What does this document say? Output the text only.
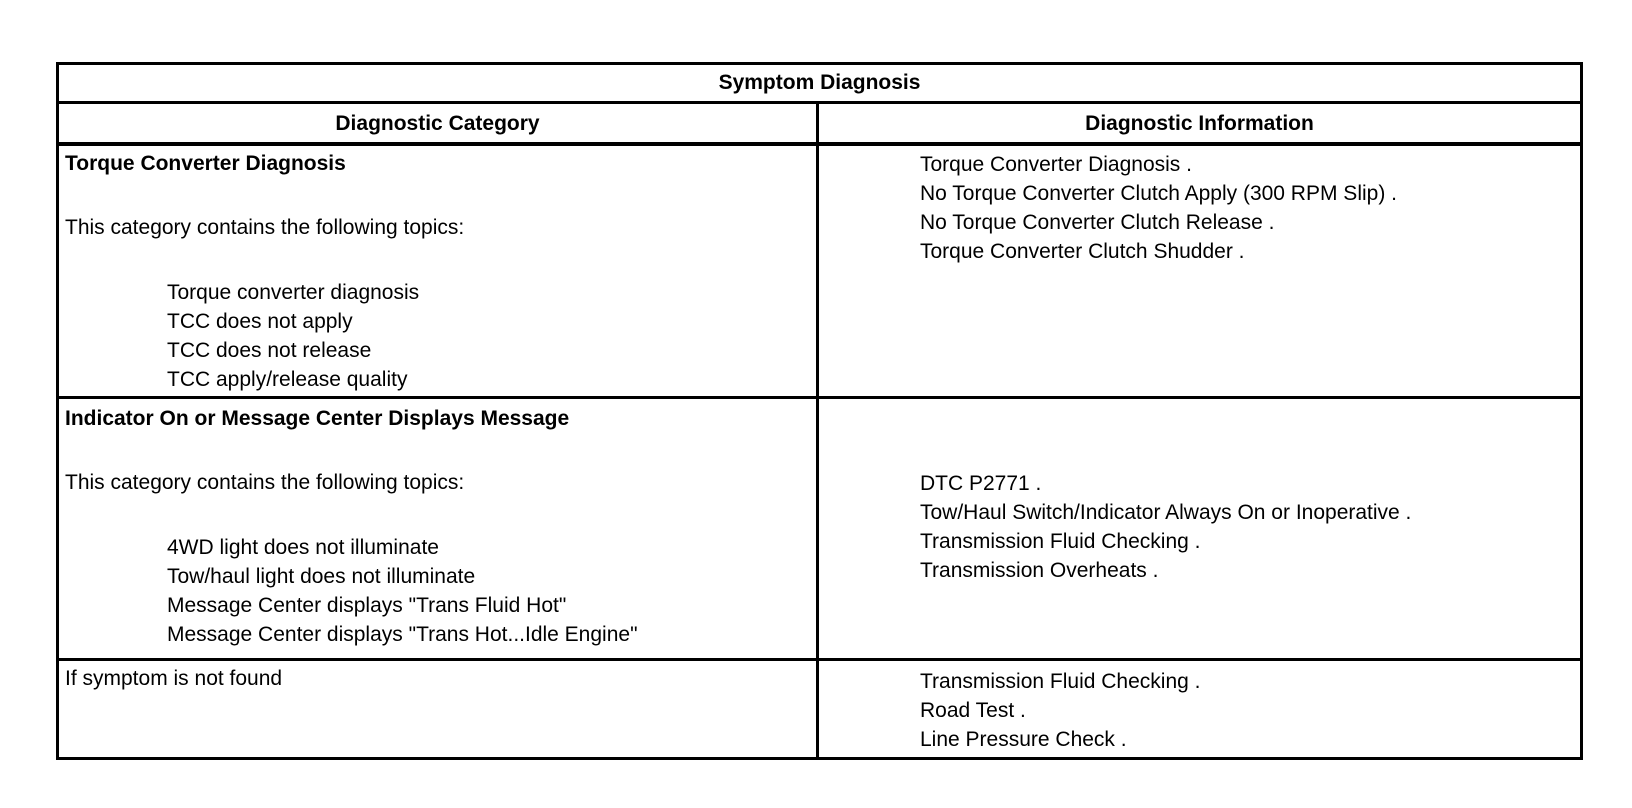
Symptom Diagnosis
Diagnostic Category	Diagnostic Information
Torque Converter Diagnosis
This category contains the following topics:
Torque converter diagnosis
TCC does not apply
TCC does not release
TCC apply/release quality
Torque Converter Diagnosis .
No Torque Converter Clutch Apply (300 RPM Slip) .
No Torque Converter Clutch Release .
Torque Converter Clutch Shudder .
Indicator On or Message Center Displays Message
This category contains the following topics:
4WD light does not illuminate
Tow/haul light does not illuminate
Message Center displays "Trans Fluid Hot"
Message Center displays "Trans Hot...Idle Engine"
DTC P2771 .
Tow/Haul Switch/Indicator Always On or Inoperative .
Transmission Fluid Checking .
Transmission Overheats .
If symptom is not found	Transmission Fluid Checking .
Road Test .
Line Pressure Check .
